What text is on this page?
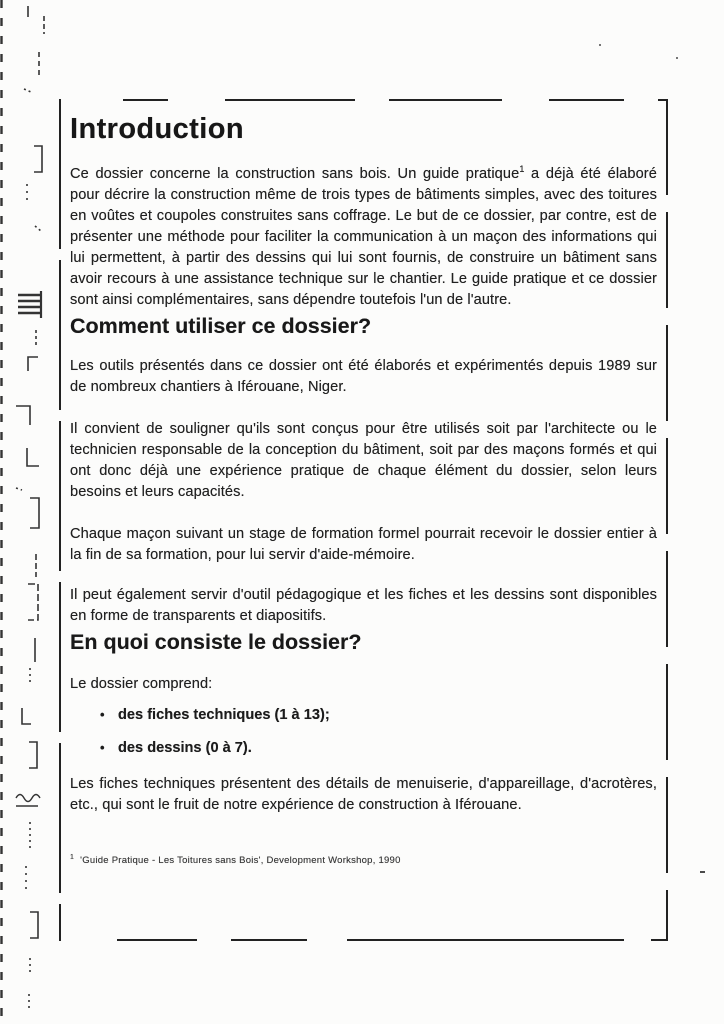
Introduction

Ce dossier concerne la construction sans bois. Un guide pratique$^1$ a déjà été élaboré pour décrire la construction même de trois types de bâtiments simples, avec des toitures en voûtes et coupoles construites sans coffrage. Le but de ce dossier, par contre, est de présenter une méthode pour faciliter la communication à un maçon des informations qui lui permettent, à partir des dessins qui lui sont fournis, de construire un bâtiment sans avoir recours à une assistance technique sur le chantier. Le guide pratique et ce dossier sont ainsi complémentaires, sans dépendre toutefois l'un de l'autre.

Comment utiliser ce dossier?

Les outils présentés dans ce dossier ont été élaborés et expérimentés depuis 1989 sur de nombreux chantiers à Iférouane, Niger.

Il convient de souligner qu'ils sont conçus pour être utilisés soit par l'architecte ou le technicien responsable de la conception du bâtiment, soit par des maçons formés et qui ont donc déjà une expérience pratique de chaque élément du dossier, selon leurs besoins et leurs capacités.

Chaque maçon suivant un stage de formation formel pourrait recevoir le dossier entier à la fin de sa formation, pour lui servir d'aide-mémoire.

Il peut également servir d'outil pédagogique et les fiches et les dessins sont disponibles en forme de transparents et diapositifs.

En quoi consiste le dossier?

Le dossier comprend:

• des fiches techniques (1 à 13);
• des dessins (0 à 7).

Les fiches techniques présentent des détails de menuiserie, d'appareillage, d'acrotères, etc., qui sont le fruit de notre expérience de construction à Iférouane.

$^1$ 'Guide Pratique - Les Toitures sans Bois', Development Workshop, 1990
